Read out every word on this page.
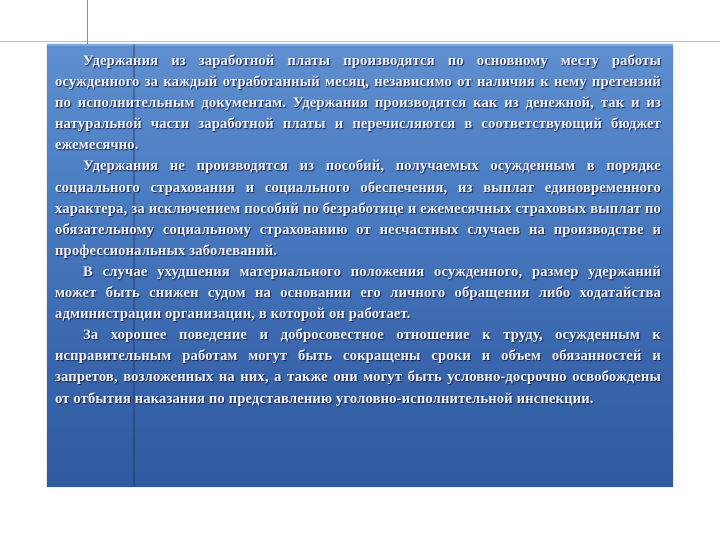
Удержания из заработной платы производятся по основному месту работы осужденного за каждый отработанный месяц, независимо от наличия к нему претензий по исполнительным документам. Удержания производятся как из денежной, так и из натуральной части заработной платы и перечисляются в соответствующий бюджет ежемесячно.

Удержания не производятся из пособий, получаемых осужденным в порядке социального страхования и социального обеспечения, из выплат единовременного характера, за исключением пособий по безработице и ежемесячных страховых выплат по обязательному социальному страхованию от несчастных случаев на производстве и профессиональных заболеваний.

В случае ухудшения материального положения осужденного, размер удержаний может быть снижен судом на основании его личного обращения либо ходатайства администрации организации, в которой он работает.

За хорошее поведение и добросовестное отношение к труду, осужденным к исправительным работам могут быть сокращены сроки и объем обязанностей и запретов, возложенных на них, а также они могут быть условно-досрочно освобождены от отбытия наказания по представлению уголовно-исполнительной инспекции.
